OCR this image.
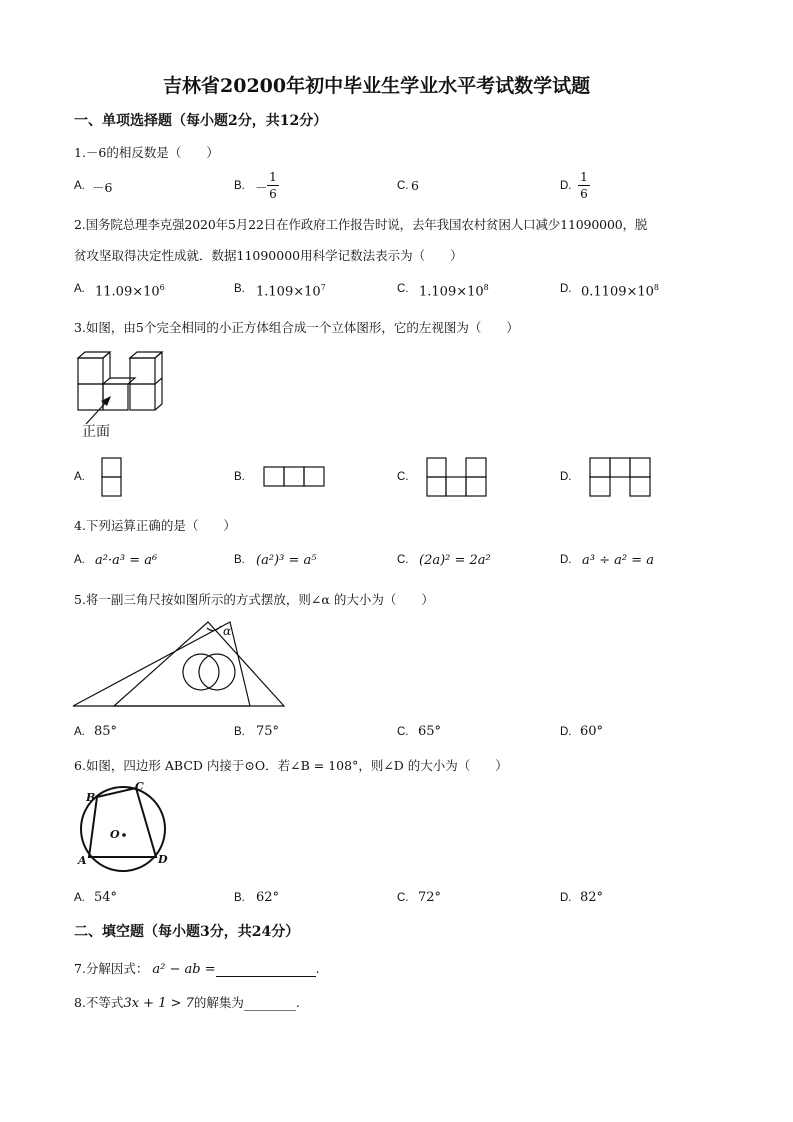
吉林省20200年初中毕业生学业水平考试数学试题
一、单项选择题（每小题2分，共12分）
1.－6的相反数是（　　）
A. －6	B. －
1
6
C. 6	D.
1
6
2.国务院总理李克强2020年5月22日在作政府工作报告时说，去年我国农村贫困人口减少11090000，脱
贫攻坚取得决定性成就．数据11090000用科学记数法表示为（　　）
A. $11.09\times 10^6$	B. $1.109\times 10^7$	C. $1.109\times 10^8$	D. $0.1109\times 10^8$
3.如图，由5个完全相同的小正方体组合成一个立体图形，它的左视图为（　　）
正面
A.	B.	C.	D.
4.下列运算正确的是（　　）
A. a²·a³ = a⁶	B. (a²)³ = a⁵	C. (2a)² = 2a²	D. a³ ÷ a² = a
5.将一副三角尺按如图所示的方式摆放，则∠α 的大小为（　　）
α
A. 85°	B. 75°	C. 65°	D. 60°
6.如图，四边形 ABCD 内接于⊙O．若∠B = 108°，则∠D 的大小为（　　）
B
C
A	D
O
A. 54°	B. 62°	C. 72°	D. 82°
二、填空题（每小题3分，共24分）
7.分解因式： a² − ab =	.
8.不等式3x + 1 > 7的解集为	.
